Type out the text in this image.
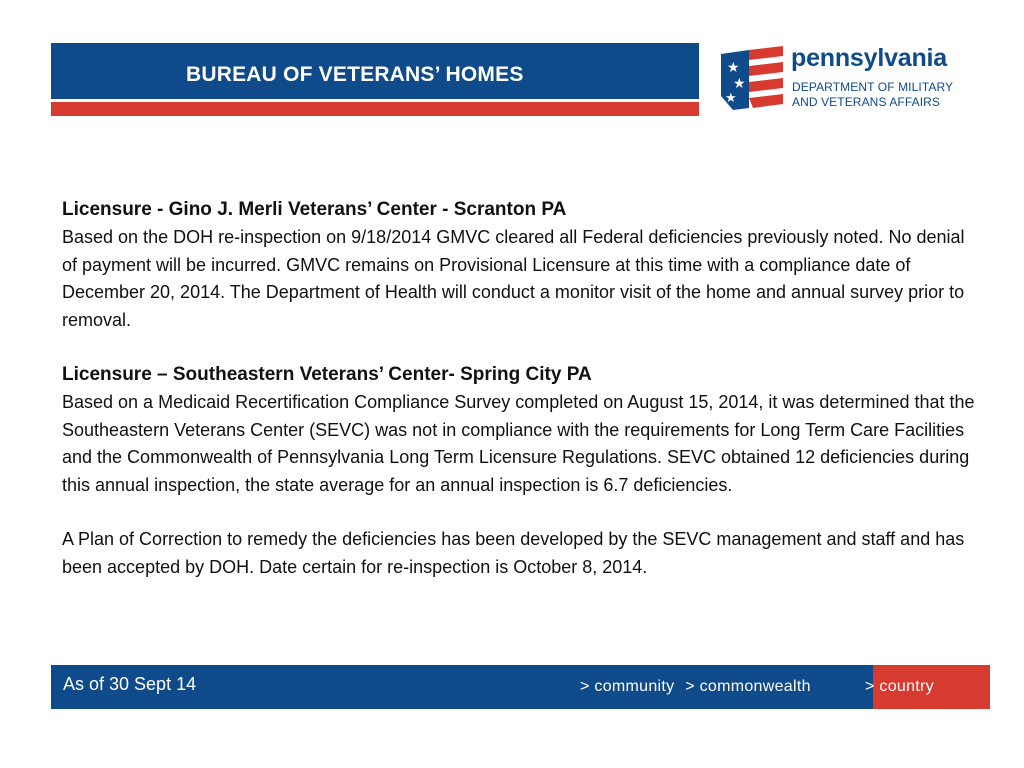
BUREAU OF VETERANS’ HOMES	★
★
★
pennsylvania
DEPARTMENT OF MILITARY
AND VETERANS AFFAIRS
Licensure - Gino J. Merli Veterans’ Center - Scranton PA

Based on the DOH re-inspection on 9/18/2014 GMVC cleared all Federal deficiencies previously noted. No denial of payment will be incurred. GMVC remains on Provisional Licensure at this time with a compliance date of December 20, 2014. The Department of Health will conduct a monitor visit of the home and annual survey prior to removal.

Licensure – Southeastern Veterans’ Center- Spring City PA

Based on a Medicaid Recertification Compliance Survey completed on August 15, 2014, it was determined that the Southeastern Veterans Center (SEVC) was not in compliance with the requirements for Long Term Care Facilities and the Commonwealth of Pennsylvania Long Term Licensure Regulations. SEVC obtained 12 deficiencies during this annual inspection, the state average for an annual inspection is 6.7 deficiencies.

A Plan of Correction to remedy the deficiencies has been developed by the SEVC management and staff and has been accepted by DOH. Date certain for re-inspection is October 8, 2014.

As of 30 Sept 14	> community > commonwealth	> country
